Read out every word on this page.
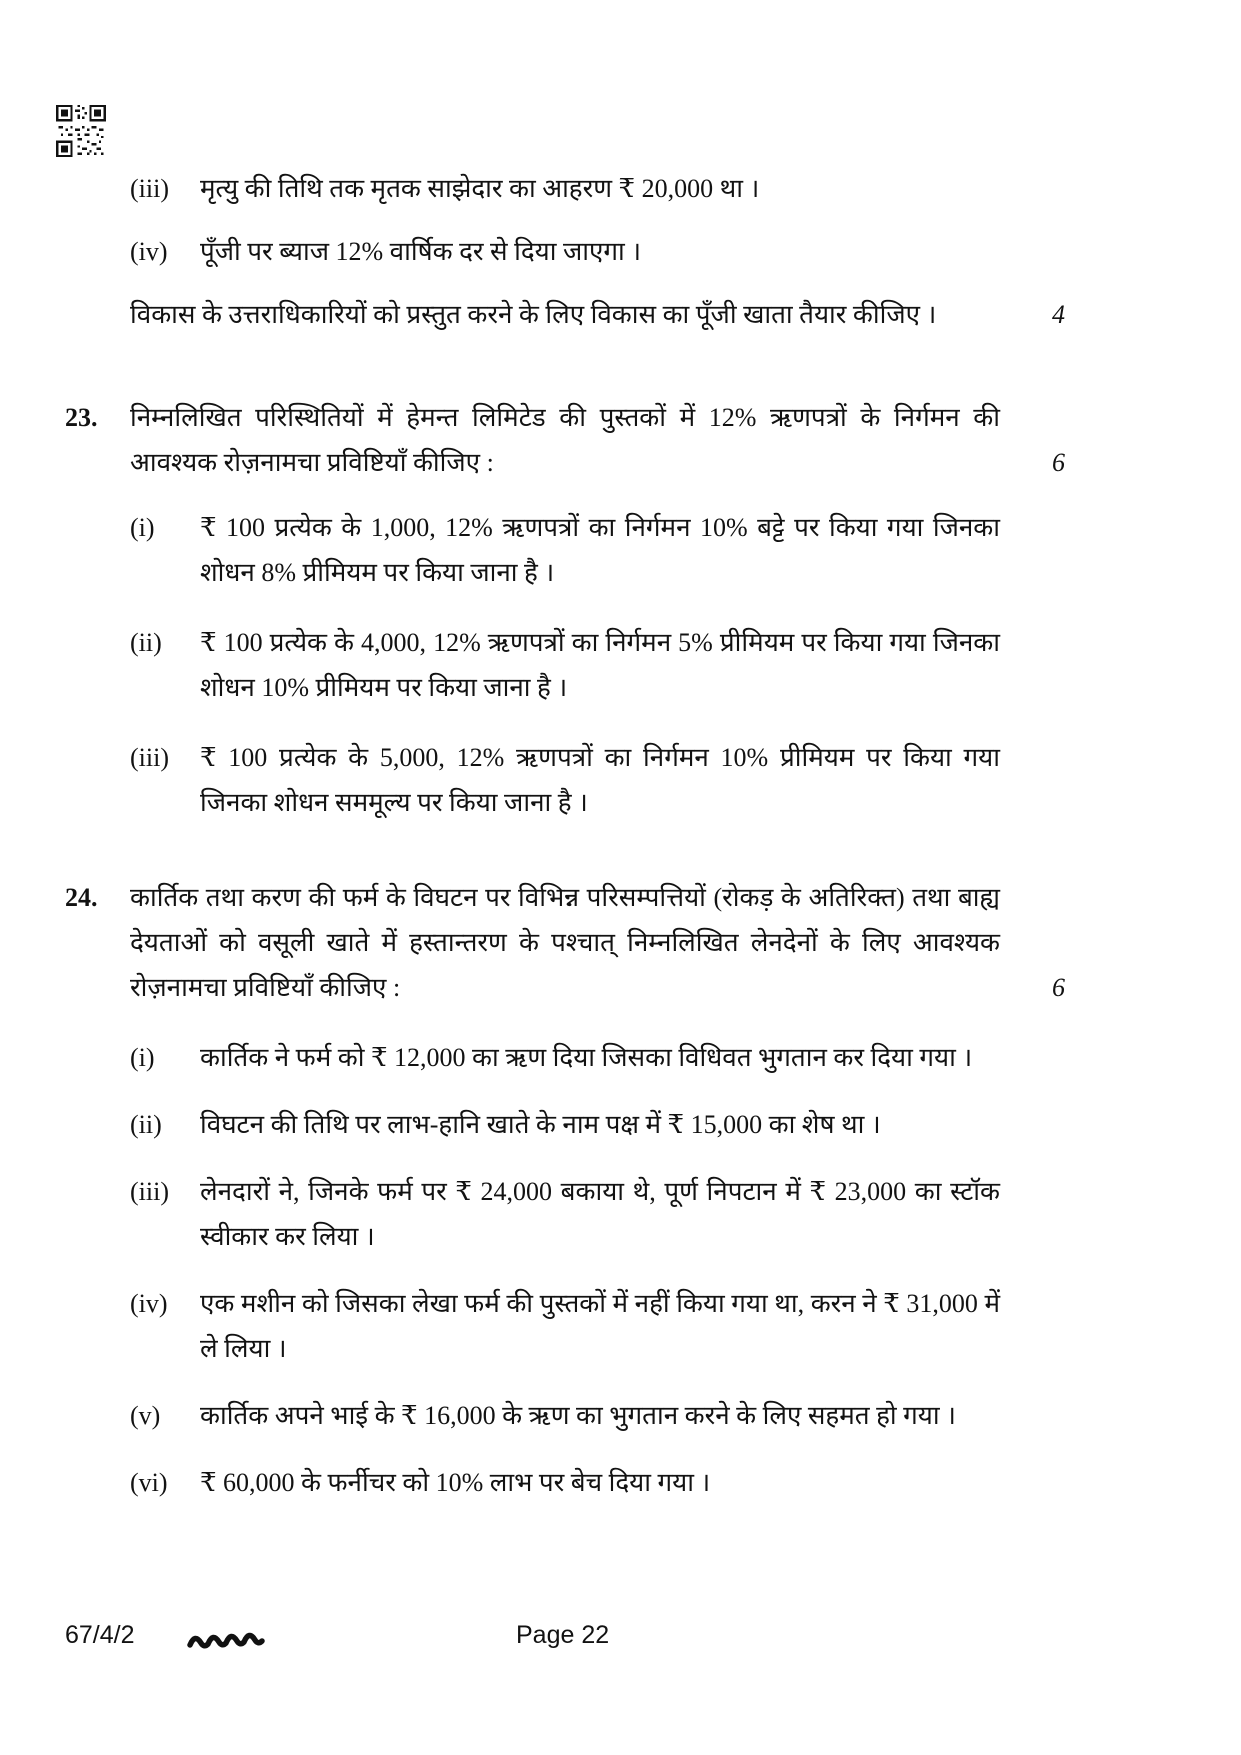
(iii)	मृत्यु की तिथि तक मृतक साझेदार का आहरण ₹ 20,000 था ।
(iv)	पूँजी पर ब्याज 12% वार्षिक दर से दिया जाएगा ।
विकास के उत्तराधिकारियों को प्रस्तुत करने के लिए विकास का पूँजी खाता तैयार कीजिए ।	4
23.	निम्नलिखित परिस्थितियों में हेमन्त लिमिटेड की पुस्तकों में 12% ऋणपत्रों के निर्गमन की आवश्यक रोज़नामचा प्रविष्टियाँ कीजिए :	6
(i)	₹ 100 प्रत्येक के 1,000, 12% ऋणपत्रों का निर्गमन 10% बट्टे पर किया गया जिनका शोधन 8% प्रीमियम पर किया जाना है ।
(ii)	₹ 100 प्रत्येक के 4,000, 12% ऋणपत्रों का निर्गमन 5% प्रीमियम पर किया गया जिनका शोधन 10% प्रीमियम पर किया जाना है ।
(iii)	₹ 100 प्रत्येक के 5,000, 12% ऋणपत्रों का निर्गमन 10% प्रीमियम पर किया गया जिनका शोधन सममूल्य पर किया जाना है ।
24.	कार्तिक तथा करण की फर्म के विघटन पर विभिन्न परिसम्पत्तियों (रोकड़ के अतिरिक्त) तथा बाह्य देयताओं को वसूली खाते में हस्तान्तरण के पश्चात् निम्नलिखित लेनदेनों के लिए आवश्यक रोज़नामचा प्रविष्टियाँ कीजिए :	6
(i)	कार्तिक ने फर्म को ₹ 12,000 का ऋण दिया जिसका विधिवत भुगतान कर दिया गया ।
(ii)	विघटन की तिथि पर लाभ-हानि खाते के नाम पक्ष में ₹ 15,000 का शेष था ।
(iii)	लेनदारों ने, जिनके फर्म पर ₹ 24,000 बकाया थे, पूर्ण निपटान में ₹ 23,000 का स्टॉक स्वीकार कर लिया ।
(iv)	एक मशीन को जिसका लेखा फर्म की पुस्तकों में नहीं किया गया था, करन ने ₹ 31,000 में ले लिया ।
(v)	कार्तिक अपने भाई के ₹ 16,000 के ऋण का भुगतान करने के लिए सहमत हो गया ।
(vi)	₹ 60,000 के फर्नीचर को 10% लाभ पर बेच दिया गया ।
67/4/2	Page 22
